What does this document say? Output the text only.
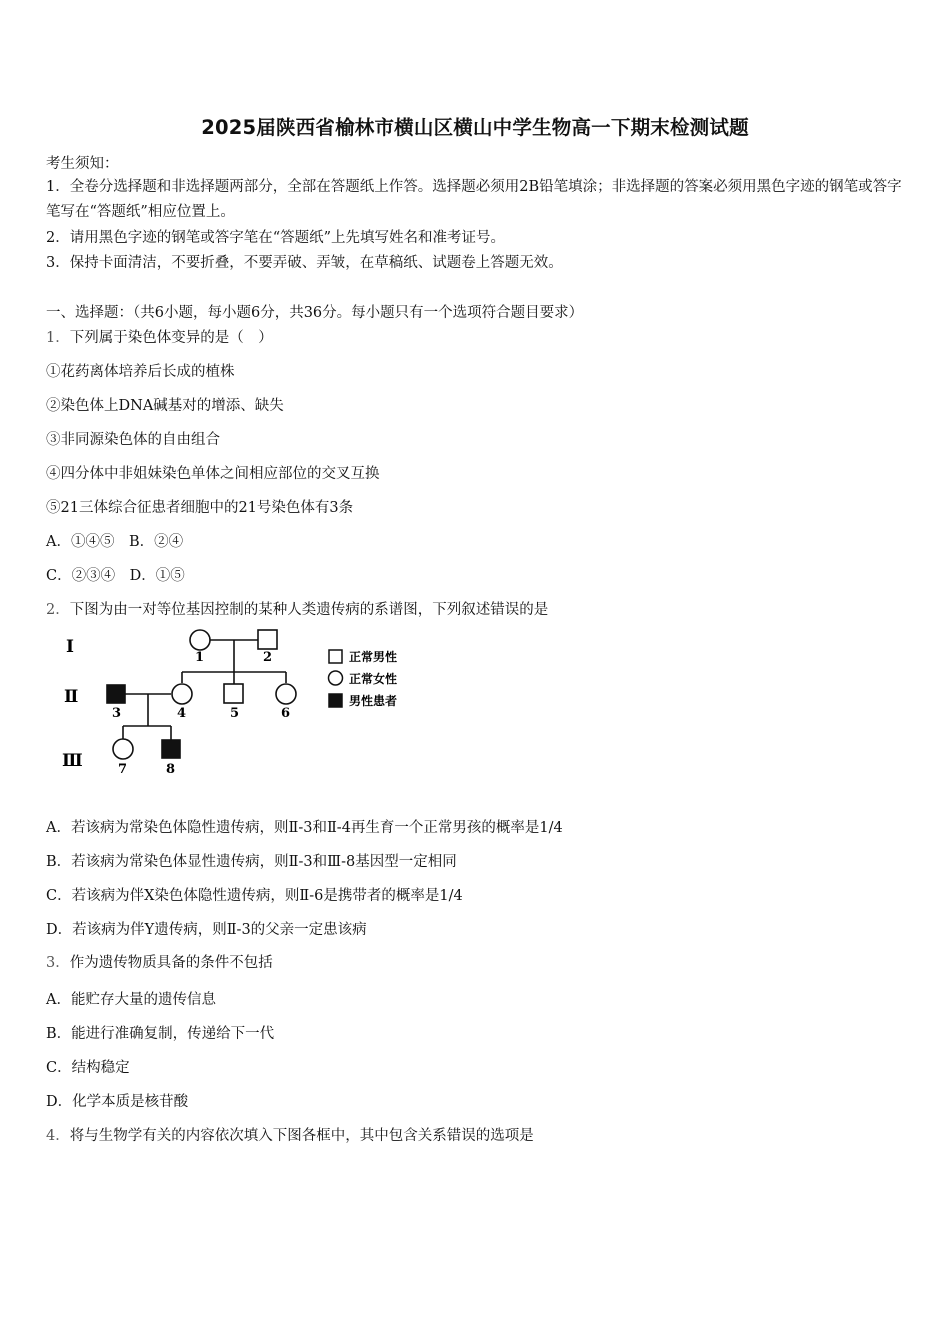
2025届陕西省榆林市横山区横山中学生物高一下期末检测试题
考生须知：
1．全卷分选择题和非选择题两部分，全部在答题纸上作答。选择题必须用2B铅笔填涂；非选择题的答案必须用黑色字迹的钢笔或答字笔写在“答题纸”相应位置上。
2．请用黑色字迹的钢笔或答字笔在“答题纸”上先填写姓名和准考证号。
3．保持卡面清洁，不要折叠，不要弄破、弄皱，在草稿纸、试题卷上答题无效。
一、选择题：（共6小题，每小题6分，共36分。每小题只有一个选项符合题目要求）
1．下列属于染色体变异的是（　）
①花药离体培养后长成的植株
②染色体上DNA碱基对的增添、缺失
③非同源染色体的自由组合
④四分体中非姐妹染色单体之间相应部位的交叉互换
⑤21三体综合征患者细胞中的21号染色体有3条
A．①④⑤　B．②④
C．②③④　D．①⑤
2．下图为由一对等位基因控制的某种人类遗传病的系谱图，下列叙述错误的是
Ⅰ
Ⅱ
Ⅲ
1	2
3	4	5	6
7	8
正常男性
正常女性
男性患者
A．若该病为常染色体隐性遗传病，则Ⅱ-3和Ⅱ-4再生育一个正常男孩的概率是1/4
B．若该病为常染色体显性遗传病，则Ⅱ-3和Ⅲ-8基因型一定相同
C．若该病为伴X染色体隐性遗传病，则Ⅱ-6是携带者的概率是1/4
D．若该病为伴Y遗传病，则Ⅱ-3的父亲一定患该病
3．作为遗传物质具备的条件不包括
A．能贮存大量的遗传信息
B．能进行准确复制，传递给下一代
C．结构稳定
D．化学本质是核苷酸
4．将与生物学有关的内容依次填入下图各框中，其中包含关系错误的选项是
